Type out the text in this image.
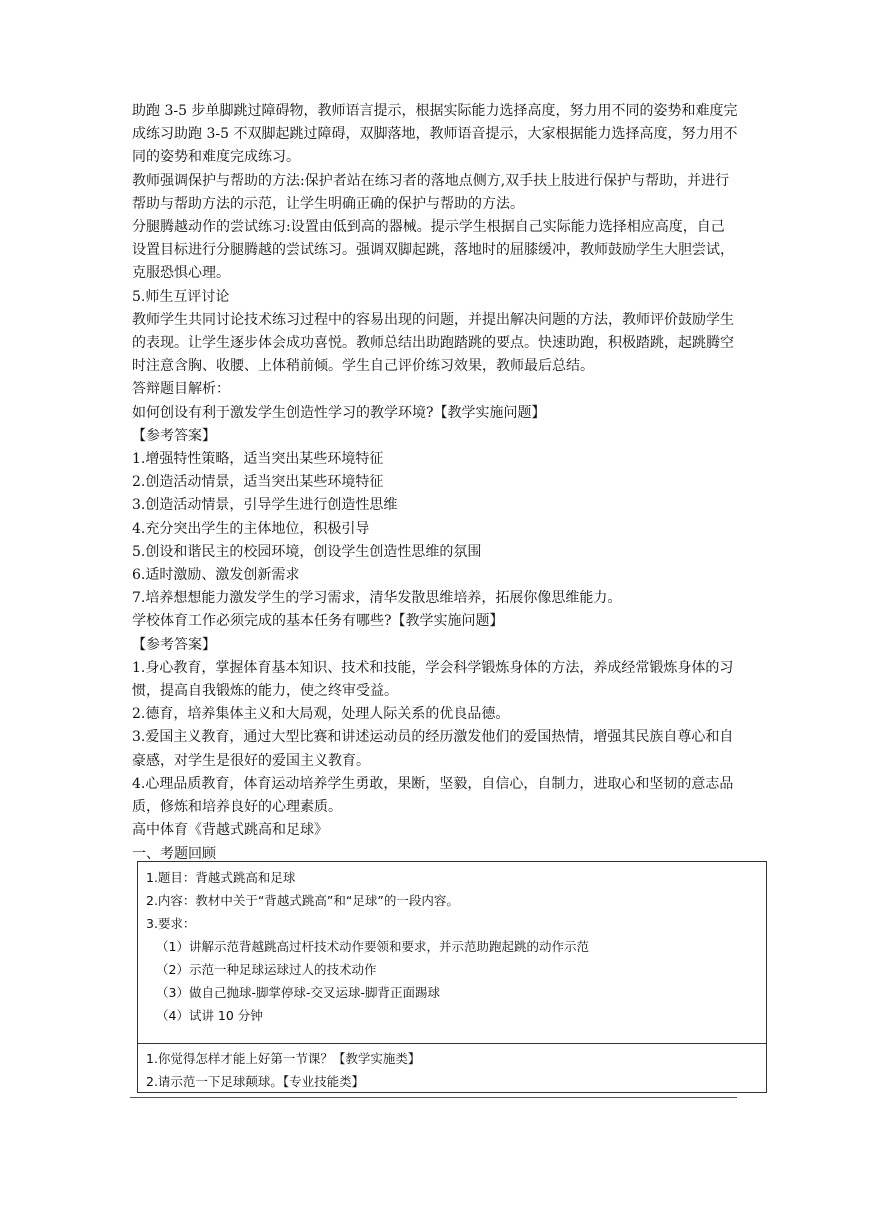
助跑 3-5 步单脚跳过障碍物，教师语言提示，根据实际能力选择高度，努力用不同的姿势和难度完成练习助跑 3-5 不双脚起跳过障碍，双脚落地，教师语音提示，大家根据能力选择高度，努力用不同的姿势和难度完成练习。

教师强调保护与帮助的方法:保护者站在练习者的落地点侧方,双手扶上肢进行保护与帮助，并进行帮助与帮助方法的示范，让学生明确正确的保护与帮助的方法。

分腿腾越动作的尝试练习:设置由低到高的器械。提示学生根据自己实际能力选择相应高度，自己设置目标进行分腿腾越的尝试练习。强调双脚起跳，落地时的屈膝缓冲，教师鼓励学生大胆尝试，克服恐惧心理。

5.师生互评讨论

教师学生共同讨论技术练习过程中的容易出现的问题，并提出解决问题的方法，教师评价鼓励学生的表现。让学生逐步体会成功喜悦。教师总结出助跑踏跳的要点。快速助跑，积极踏跳，起跳腾空时注意含胸、收腰、上体稍前倾。学生自己评价练习效果，教师最后总结。

答辩题目解析：

如何创设有利于激发学生创造性学习的教学环境?【教学实施问题】

【参考答案】

1.增强特性策略，适当突出某些环境特征

2.创造活动情景，适当突出某些环境特征

3.创造活动情景，引导学生进行创造性思维

4.充分突出学生的主体地位，积极引导

5.创设和谐民主的校园环境，创设学生创造性思维的氛围

6.适时激励、激发创新需求

7.培养想想能力激发学生的学习需求，清华发散思维培养，拓展你像思维能力。

学校体育工作必须完成的基本任务有哪些?【教学实施问题】

【参考答案】

1.身心教育，掌握体育基本知识、技术和技能，学会科学锻炼身体的方法，养成经常锻炼身体的习惯，提高自我锻炼的能力，使之终审受益。

2.德育，培养集体主义和大局观，处理人际关系的优良品德。

3.爱国主义教育，通过大型比赛和讲述运动员的经历激发他们的爱国热情，增强其民族自尊心和自豪感，对学生是很好的爱国主义教育。

4.心理品质教育，体育运动培养学生勇敢，果断，坚毅，自信心，自制力，进取心和坚韧的意志品质，修炼和培养良好的心理素质。

高中体育《背越式跳高和足球》

一、考题回顾

1.题目：背越式跳高和足球

2.内容：教材中关于“背越式跳高”和“足球”的一段内容。

3.要求：

（1）讲解示范背越跳高过杆技术动作要领和要求，并示范助跑起跳的动作示范

（2）示范一种足球运球过人的技术动作

（3）做自己抛球-脚掌停球-交叉运球-脚背正面踢球

（4）试讲 10 分钟

1.你觉得怎样才能上好第一节课？【教学实施类】

2.请示范一下足球颠球。【专业技能类】
